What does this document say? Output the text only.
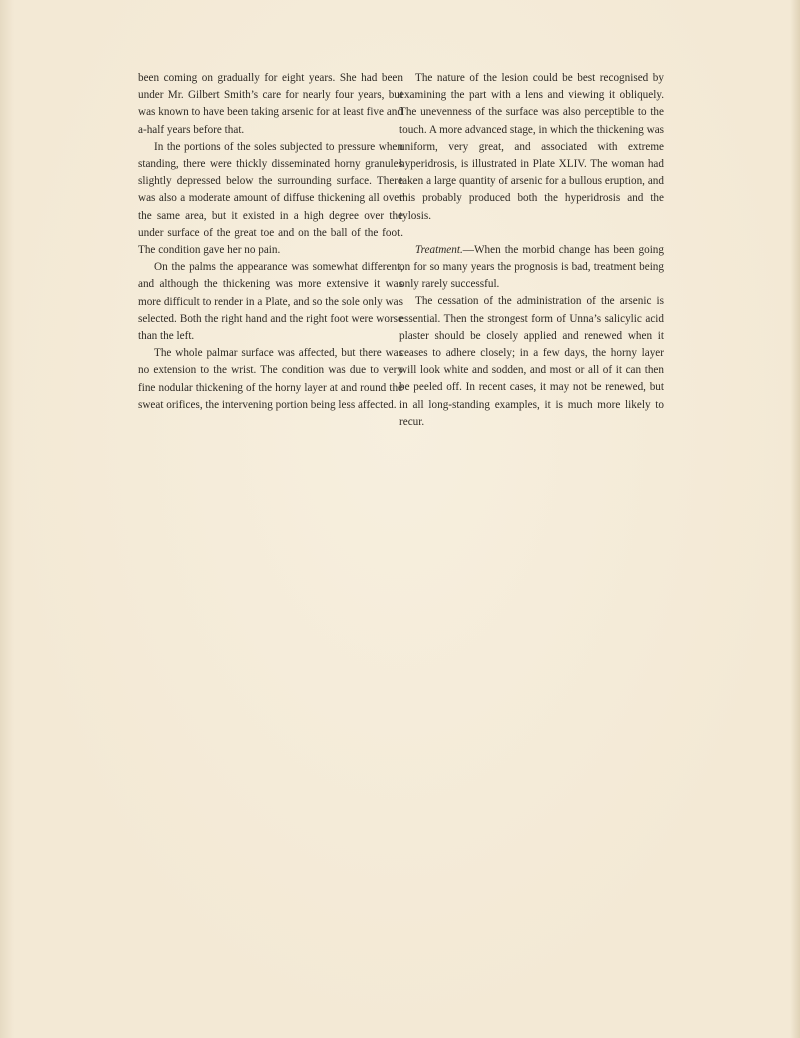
been coming on gradually for eight years. She had been under Mr. Gilbert Smith’s care for nearly four years, but was known to have been taking arsenic for at least five and a-half years before that.

In the portions of the soles subjected to pressure when standing, there were thickly disseminated horny granules slightly depressed below the surrounding surface. There was also a moderate amount of diffuse thickening all over the same area, but it existed in a high degree over the under surface of the great toe and on the ball of the foot. The condition gave her no pain.

On the palms the appearance was somewhat different, and although the thickening was more extensive it was more difficult to render in a Plate, and so the sole only was selected. Both the right hand and the right foot were worse than the left.

The whole palmar surface was affected, but there was no extension to the wrist. The condition was due to very fine nodular thickening of the horny layer at and round the sweat orifices, the intervening portion being less affected.

The nature of the lesion could be best recognised by examining the part with a lens and viewing it obliquely. The unevenness of the surface was also perceptible to the touch. A more advanced stage, in which the thickening was uniform, very great, and associated with extreme hyperidrosis, is illustrated in Plate XLIV. The woman had taken a large quantity of arsenic for a bullous eruption, and this probably produced both the hyperidrosis and the tylosis.

Treatment.—When the morbid change has been going on for so many years the prognosis is bad, treatment being only rarely successful.

The cessation of the administration of the arsenic is essential. Then the strongest form of Unna’s salicylic acid plaster should be closely applied and renewed when it ceases to adhere closely; in a few days, the horny layer will look white and sodden, and most or all of it can then be peeled off. In recent cases, it may not be renewed, but in all long-standing examples, it is much more likely to recur.
